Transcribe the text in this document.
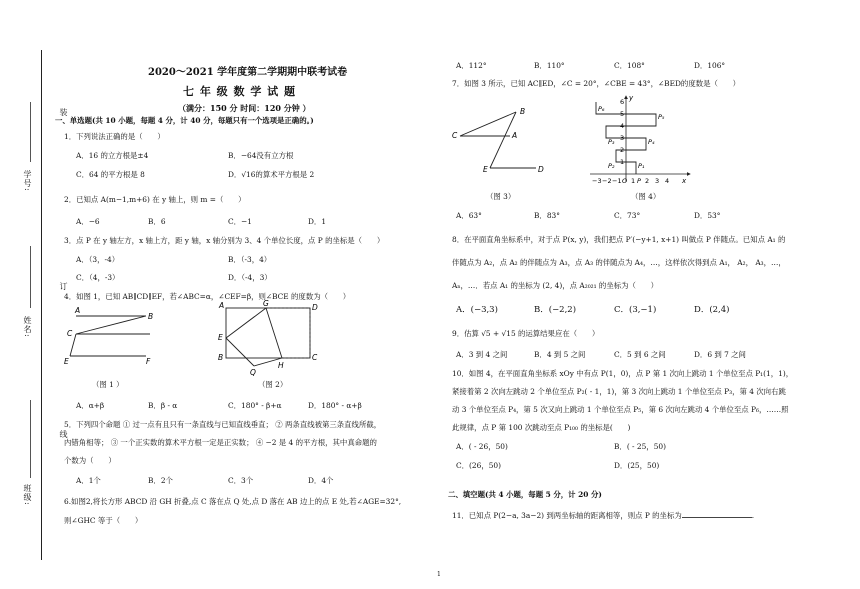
装
订
线
学号:
姓名:
班级:
2020～2021 学年度第二学期期中联考试卷
七 年 级 数 学 试 题
（满分：150 分 时间：120 分钟 ）
一、单选题(共 10 小题，每题 4 分，计 40 分，每题只有一个选项是正确的。)
1．下列说法正确的是（　　）
A．16 的立方根是±4	B．−64没有立方根
C．64 的平方根是 8	D．√16的算术平方根是 2
2．已知点 A(m−1,m+6) 在 y 轴上，则 m =（　　）
A．−6	B．6	C．−1	D．1
3．点 P 在 y 轴左方，x 轴上方，距 y 轴，x 轴分别为 3、4 个单位长度，点 P 的坐标是（　　）
A．（3，-4）	B．（-3，4）
C．（4，-3）	D．（-4，3）
4．如图 1，已知 AB∥CD∥EF，若∠ABC=α，∠CEF=β，则∠BCE 的度数为（　　）
A
B
C
E	F
（图 1 ）
A	G	D
E
B
H
C
Q
（图 2）
A．α+β	B．β - α	C．180° - β+α	D．180° - α+β
5．下列四个命题 ① 过一点有且只有一条直线与已知直线垂直； ② 两条直线被第三条直线所截，
内错角相等； ③ 一个正实数的算术平方根一定是正实数； ④ −2 是 4 的平方根，其中真命题的
个数为（　　）
A．1个	B．2个	C．3个	D．4个
6.如图2,将长方形 ABCD 沿 GH 折叠,点 C 落在点 Q 处,点 D 落在 AB 边上的点 E 处,若∠AGE=32°,
则∠GHC 等于（　　）
A．112°	B．110°	C．108°	D．106°
7．如图 3 所示，已知 AC∥ED，∠C = 20°，∠CBE = 43°，∠BED的度数是（　　）
B
A
C
E	D
（图 3）
y
6
5
4
3
2
1
P₅
P₆
P₄
P₃
P₂	P₁
−3 −2 −1 O 1 P 2 3 4 x
（图 4）
A．63°	B．83°	C．73°	D．53°
8．在平面直角坐标系中，对于点 P(x, y)，我们把点 P′(−y+1, x+1) 叫做点 P 伴随点。已知点 A₁ 的
伴随点为 A₂，点 A₂ 的伴随点为 A₃，点 A₃ 的伴随点为 A₄，…，这样依次得到点 A₁， A₂， A₃，…，
Aₙ，…．若点 A₁ 的坐标为 (2, 4)，点 A₂₀₂₁ 的坐标为（　　）
A．(−3,3)	B．(−2,2)	C．(3,−1)	D．(2,4)
9．估算 √5 + √15 的运算结果应在（　　）
A．3 到 4 之间	B．4 到 5 之间	C．5 到 6 之间	D．6 到 7 之间
10．如图 4，在平面直角坐标系 xOy 中有点 P(1，0)，点 P 第 1 次向上跳动 1 个单位至点 P₁(1，1)，
紧接着第 2 次向左跳动 2 个单位至点 P₂( - 1，1)，第 3 次向上跳动 1 个单位至点 P₃，第 4 次向右跳
动 3 个单位至点 P₄，第 5 次又向上跳动 1 个单位至点 P₅，第 6 次向左跳动 4 个单位至点 P₆，……照
此规律，点 P 第 100 次跳动至点 P₁₀₀ 的坐标是(　　)
A．( - 26，50)	B．( - 25，50)
C．(26，50)	D．(25，50)
二、填空题(共 4 小题，每题 5 分，计 20 分)
11．已知点 P(2−a, 3a−2) 到两坐标轴的距离相等，则点 P 的坐标为	.
1
